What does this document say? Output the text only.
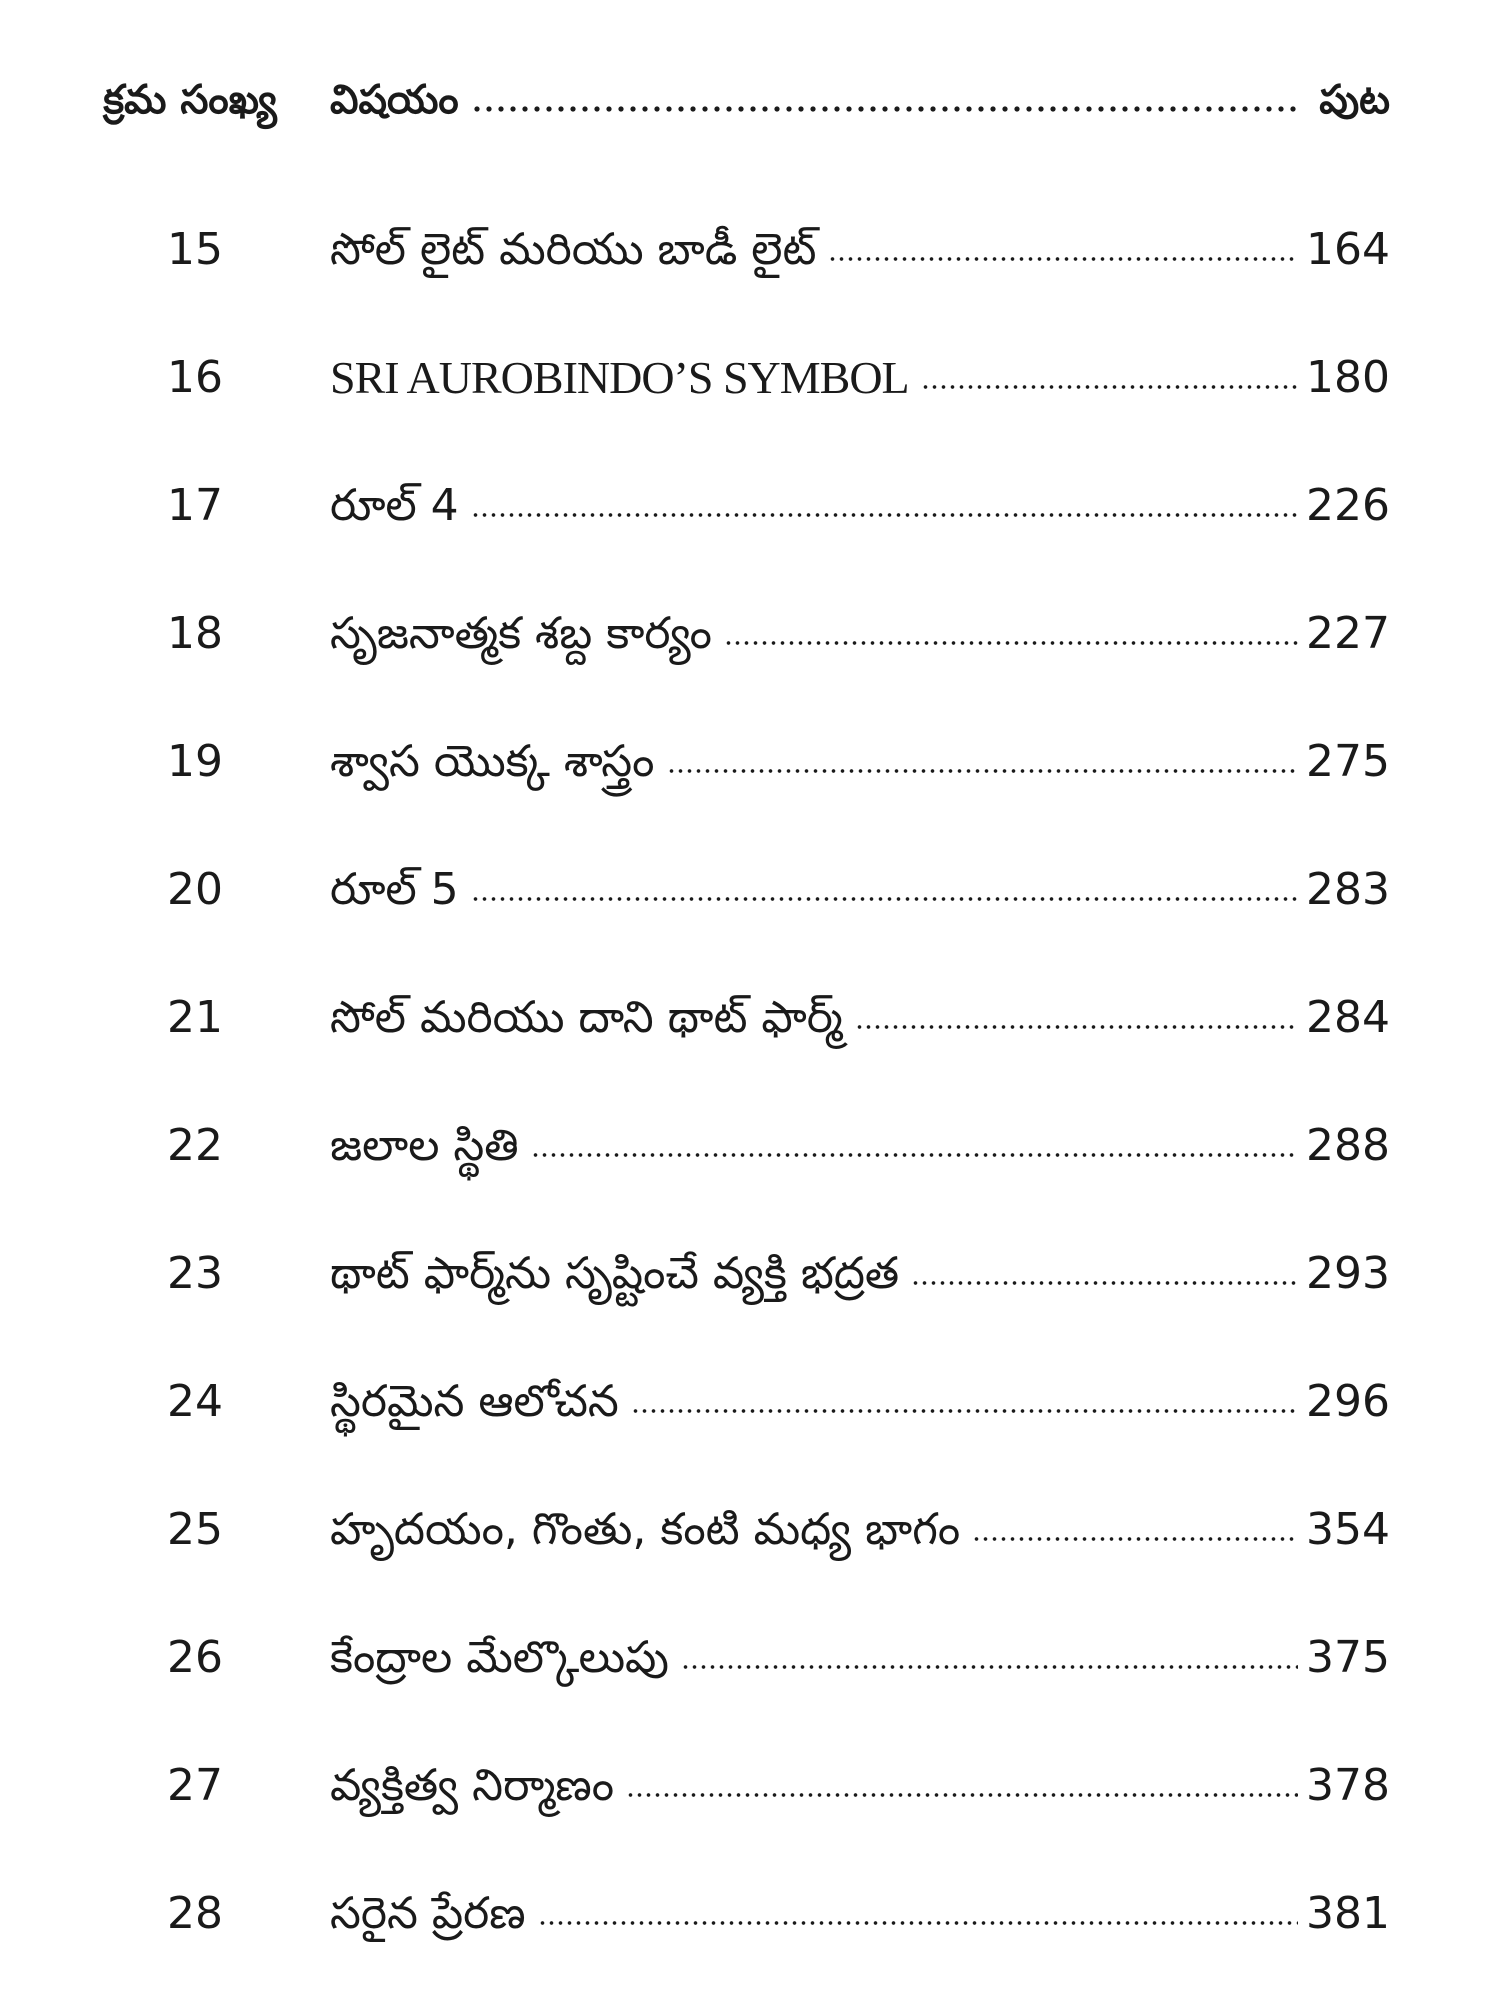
క్రమ సంఖ్య	విషయం	పుట
15	సోల్ లైట్ మరియు బాడీ లైట్	164
16	SRI AUROBINDO’S SYMBOL	180
17	రూల్ 4	226
18	సృజనాత్మక శబ్ద కార్యం	227
19	శ్వాస యొక్క శాస్త్రం	275
20	రూల్ 5	283
21	సోల్ మరియు దాని థాట్ ఫార్మ్	284
22	జలాల స్థితి	288
23	థాట్ ఫార్మ్‌ను సృష్టించే వ్యక్తి భద్రత	293
24	స్థిరమైన ఆలోచన	296
25	హృదయం, గొంతు, కంటి మధ్య భాగం	354
26	కేంద్రాల మేల్కొలుపు	375
27	వ్యక్తిత్వ నిర్మాణం	378
28	సరైన ప్రేరణ	381
